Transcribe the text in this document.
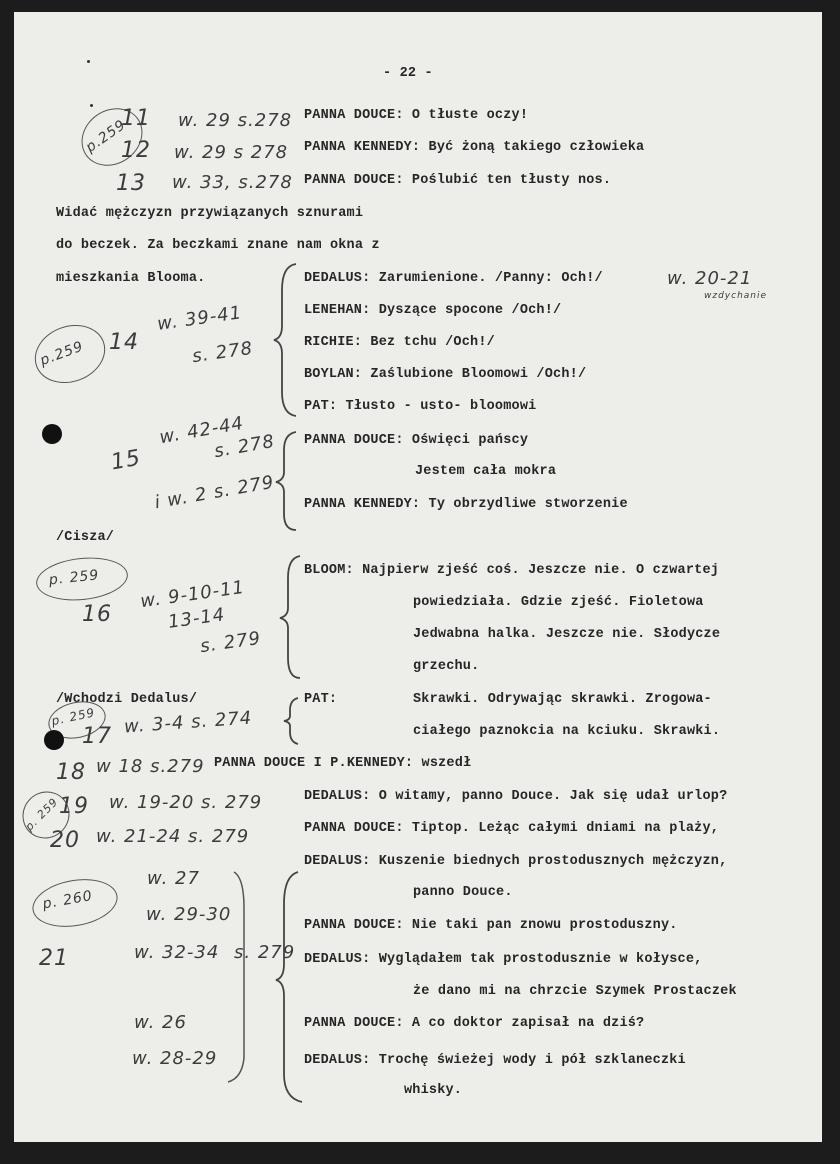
- 22 -
p.259
11 w. 29 s.278
12 w. 29 s 278
13 w. 33, s.278
PANNA DOUCE: O tłuste oczy!
PANNA KENNEDY: Być żoną takiego człowieka
PANNA DOUCE: Poślubić ten tłusty nos.
Widać mężczyzn przywiązanych sznurami
do beczek. Za beczkami znane nam okna z
mieszkania Blooma.	DEDALUS: Zarumienione. /Panny: Och!/	w. 20-21
wzdychanie
LENEHAN: Dyszące spocone /Och!/
RICHIE: Bez tchu /Och!/
BOYLAN: Zaślubione Bloomowi /Och!/
PAT: Tłusto - usto- bloomowi
p.259 14
w. 39-41
s. 278
15
w. 42-44
s. 278
i w. 2 s. 279
PANNA DOUCE: Oświęci pańscy
Jestem cała mokra
PANNA KENNEDY: Ty obrzydliwe stworzenie
/Cisza/
p. 259
16
w. 9-10-11
13-14
s. 279
BLOOM: Najpierw zjeść coś. Jeszcze nie. O czwartej
powiedziała. Gdzie zjeść. Fioletowa
Jedwabna halka. Jeszcze nie. Słodycze
grzechu.
/Wchodzi Dedalus/
p. 259
17 w. 3-4 s. 274
PAT:	Skrawki. Odrywając skrawki. Zrogowa-
ciałego paznokcia na kciuku. Skrawki.
18 w 18 s.279 PANNA DOUCE I P.KENNEDY: wszedł
p. 259
19 w. 19-20 s. 279	DEDALUS: O witamy, panno Douce. Jak się udał urlop?
20 w. 21-24 s. 279	PANNA DOUCE: Tiptop. Leżąc całymi dniami na plaży,
p. 260
21
w. 27
w. 29-30
w. 32-34 s. 279
w. 26
w. 28-29
DEDALUS: Kuszenie biednych prostodusznych mężczyzn,
panno Douce.
PANNA DOUCE: Nie taki pan znowu prostoduszny.
DEDALUS: Wyglądałem tak prostodusznie w kołysce,
że dano mi na chrzcie Szymek Prostaczek
PANNA DOUCE: A co doktor zapisał na dziś?
DEDALUS: Trochę świeżej wody i pół szklaneczki
whisky.
